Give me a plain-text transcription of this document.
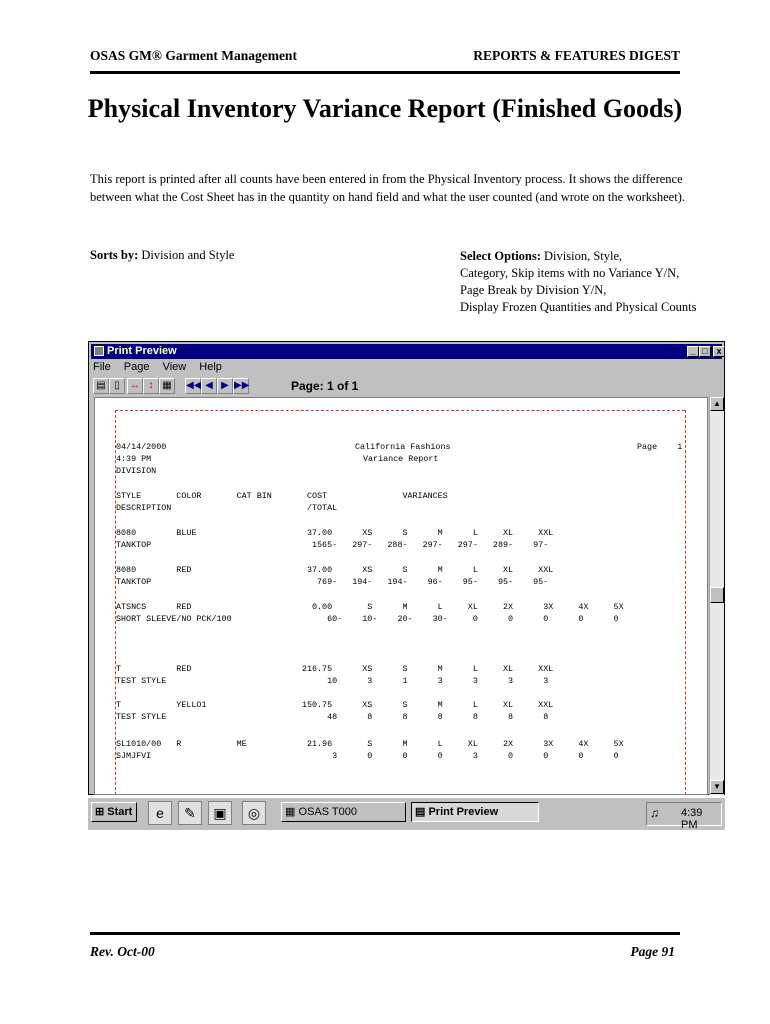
OSAS GM® Garment Management	REPORTS & FEATURES DIGEST
Physical Inventory Variance Report (Finished Goods)
This report is printed after all counts have been entered in from the Physical Inventory process. It shows the difference between what the Cost Sheet has in the quantity on hand field and what the user counted (and wrote on the worksheet).
Sorts by: Division and Style	Select Options: Division, Style,
Category, Skip items with no Variance Y/N,
Page Break by Division Y/N,
Display Frozen Quantities and Physical Counts
Print Preview	_ □ x
File Page View Help
▤ ▯	↔ ↕ ▦	◀◀ ◀ ▶ ▶▶	Page: 1 of 1
04/14/2000
4:39 PM
DIVISION
California Fashions
Variance Report
Page    1
STYLE       COLOR       CAT BIN       COST               VARIANCES
DESCRIPTION                           /TOTAL
8080        BLUE                      37.00      XS      S      M      L     XL     XXL
TANKTOP                                1565-   297-   288-   297-   297-   289-    97-
8080        RED                       37.00      XS      S      M      L     XL     XXL
TANKTOP                                 769-   194-   194-    96-    95-    95-    95-
ATSNCS      RED                        0.00       S      M      L     XL     2X      3X     4X     5X
SHORT SLEEVE/NO PCK/100                   60-    10-    20-    30-     0      0      0      0      0
T           RED                      216.75      XS      S      M      L     XL     XXL
TEST STYLE                                10      3      1      3      3      3      3
T           YELLO1                   150.75      XS      S      M      L     XL     XXL
TEST STYLE                                48      8      8      8      8      8      8
SL1010/00   R           ME            21.96       S      M      L     XL     2X      3X     4X     5X
SJMJFVI                                    3      0      0      0      3      0      0      0      0
▲
▼
⊞ Start	e	✎	▣	◎	▦ OSAS T000	▤ Print Preview	♫ 4:39 PM
Rev. Oct-00	Page 91
